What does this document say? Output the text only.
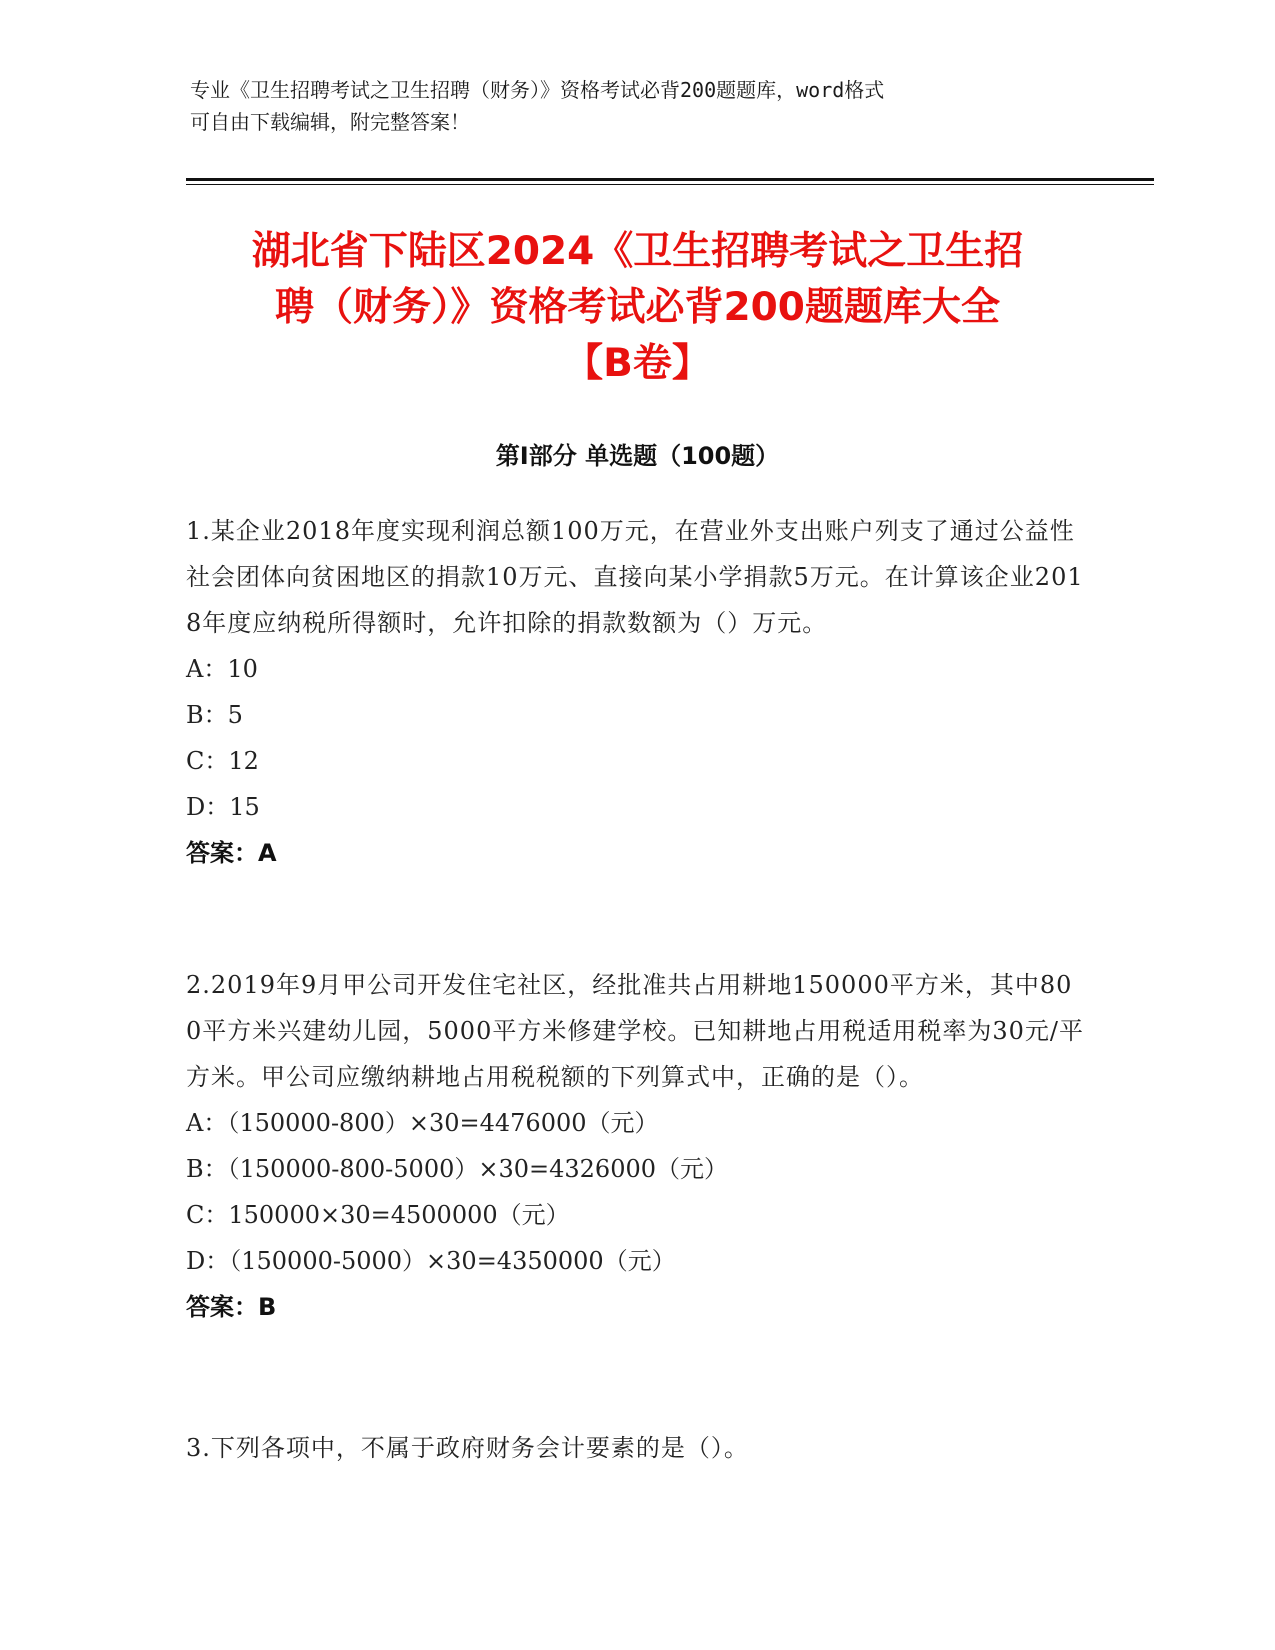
专业《卫生招聘考试之卫生招聘（财务）》资格考试必背200题题库，word格式
可自由下载编辑，附完整答案！
湖北省下陆区2024《卫生招聘考试之卫生招
聘（财务）》资格考试必背200题题库大全
【B卷】
第Ⅰ部分 单选题（100题）

1.某企业2018年度实现利润总额100万元，在营业外支出账户列支了通过公益性社会团体向贫困地区的捐款10万元、直接向某小学捐款5万元。在计算该企业2018年度应纳税所得额时，允许扣除的捐款数额为（）万元。

A：10

B：5

C：12

D：15

答案：A

2.2019年9月甲公司开发住宅社区，经批准共占用耕地150000平方米，其中800平方米兴建幼儿园，5000平方米修建学校。已知耕地占用税适用税率为30元/平方米。甲公司应缴纳耕地占用税税额的下列算式中，正确的是（）。

A：（150000-800）×30=4476000（元）

B：（150000-800-5000）×30=4326000（元）

C：150000×30=4500000（元）

D：（150000-5000）×30=4350000（元）

答案：B

3.下列各项中，不属于政府财务会计要素的是（）。
